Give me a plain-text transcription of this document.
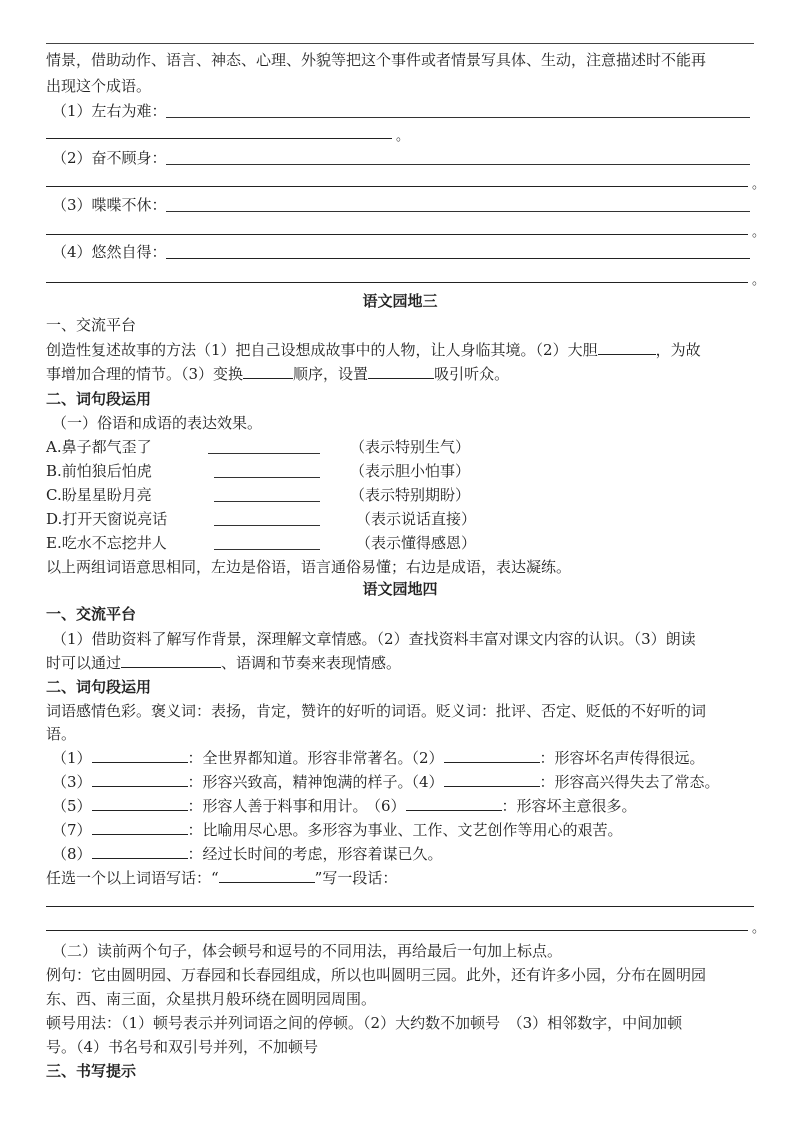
情景，借助动作、语言、神态、心理、外貌等把这个事件或者情景写具体、生动，注意描述时不能再
出现这个成语。
（1）左右为难：
。
（2）奋不顾身：
。
（3）喋喋不休：
。
（4）悠然自得：
。
语文园地三
一、交流平台
创造性复述故事的方法（1）把自己设想成故事中的人物，让人身临其境。（2）大胆	，为故
事增加合理的情节。（3）变换	顺序，设置	吸引听众。
二、词句段运用
（一）俗语和成语的表达效果。
A.鼻子都气歪了	（表示特别生气）
B.前怕狼后怕虎	（表示胆小怕事）
C.盼星星盼月亮	（表示特别期盼）
D.打开天窗说亮话	（表示说话直接）
E.吃水不忘挖井人	（表示懂得感恩）
以上两组词语意思相同，左边是俗语，语言通俗易懂；右边是成语，表达凝练。
语文园地四
一、交流平台
（1）借助资料了解写作背景，深理解文章情感。（2）查找资料丰富对课文内容的认识。（3）朗读
时可以通过	、语调和节奏来表现情感。
二、词句段运用
词语感情色彩。褒义词：表扬，肯定，赞许的好听的词语。贬义词：批评、否定、贬低的不好听的词
语。
（1）	：全世界都知道。形容非常著名。
（2）	：形容坏名声传得很远。
（3）	：形容兴致高，精神饱满的样子。
（4）	：形容高兴得失去了常态。
（5）	：形容人善于料事和用计。
（6）	：形容坏主意很多。
（7）	：比喻用尽心思。多形容为事业、工作、文艺创作等用心的艰苦。
（8）	：经过长时间的考虑，形容着谋已久。
任选一个以上词语写话：“	”写一段话：
。
（二）读前两个句子，体会顿号和逗号的不同用法，再给最后一句加上标点。
例句：它由圆明园、万春园和长春园组成，所以也叫圆明三园。此外，还有许多小园，分布在圆明园
东、西、南三面，众星拱月般环绕在圆明园周围。
顿号用法：（1）顿号表示并列词语之间的停顿。（2）大约数不加顿号　（3）相邻数字，中间加顿
号。（4）书名号和双引号并列，不加顿号
三、书写提示
